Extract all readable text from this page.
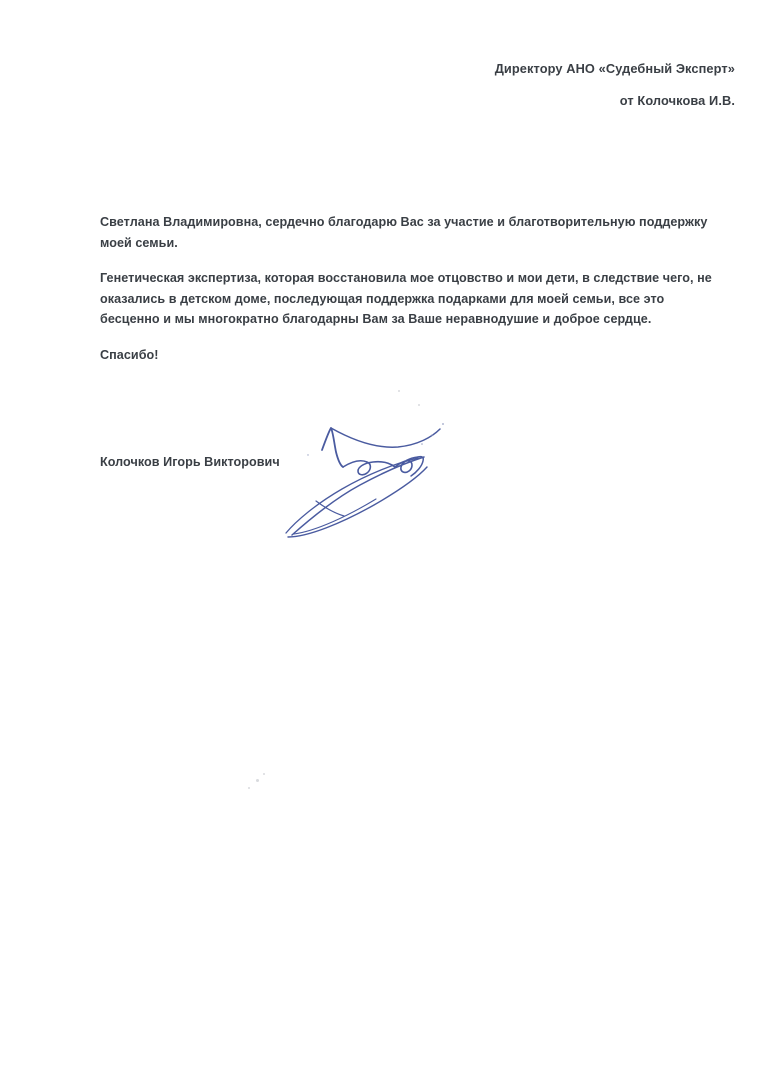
Директору АНО «Судебный Эксперт»
от Колочкова И.В.

Светлана Владимировна, сердечно благодарю Вас за участие и благотворительную поддержку моей семьи.

Генетическая экспертиза, которая восстановила мое отцовство и мои дети, в следствие чего, не оказались в детском доме, последующая поддержка подарками для моей семьи, все это бесценно и мы многократно благодарны Вам за Ваше неравнодушие и доброе сердце.

Спасибо!

Колочков Игорь Викторович
